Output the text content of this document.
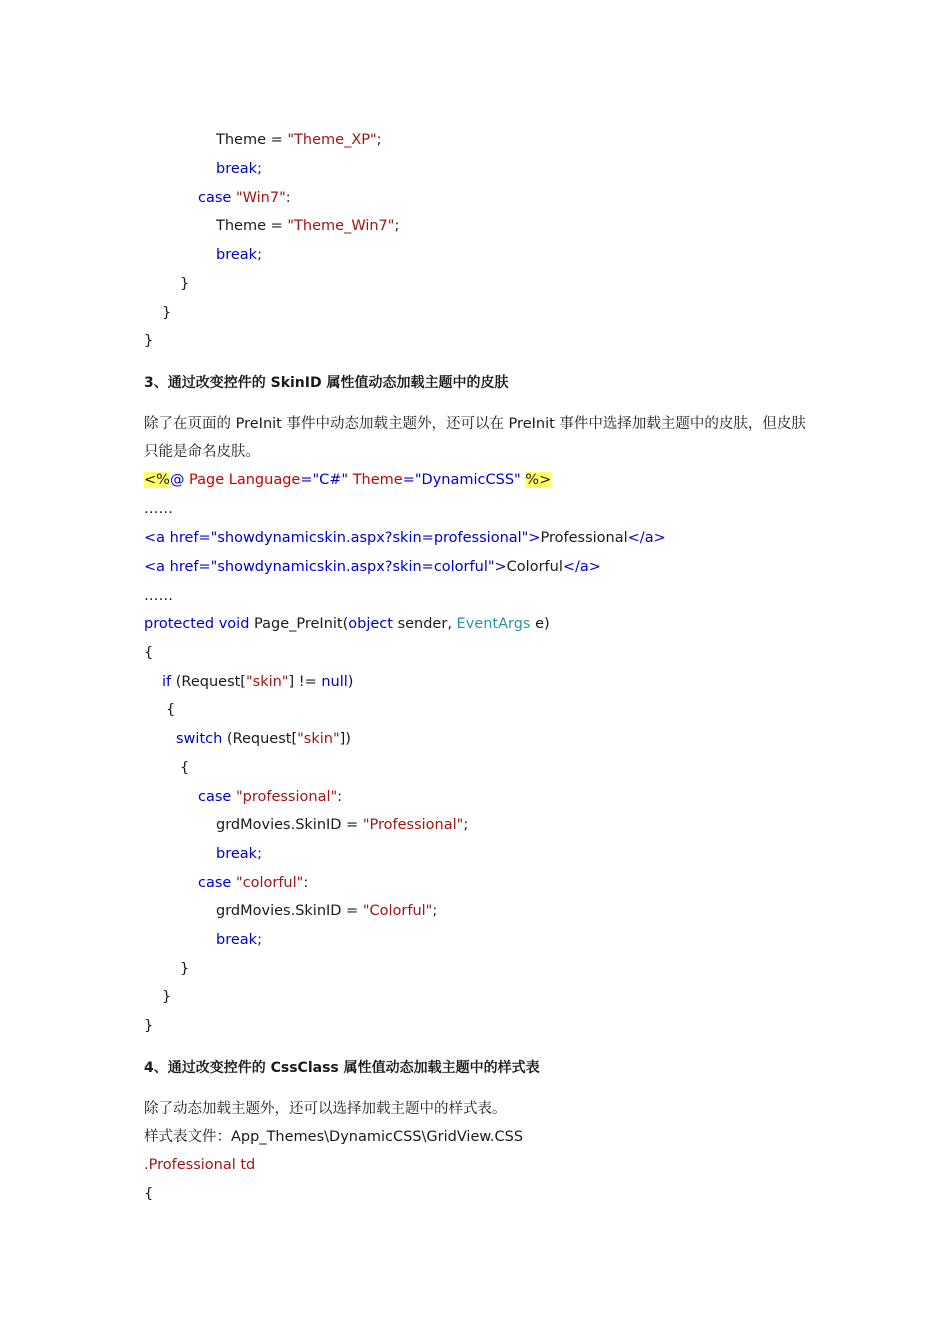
Theme = "Theme_XP";
break;
case "Win7":
Theme = "Theme_Win7";
break;
}
}
}
3、通过改变控件的 SkinID 属性值动态加载主题中的皮肤
除了在页面的 PreInit 事件中动态加载主题外，还可以在 PreInit 事件中选择加载主题中的皮肤，但皮肤
只能是命名皮肤。
<%@ Page Language="C#" Theme="DynamicCSS" %>
……
<a href="showdynamicskin.aspx?skin=professional">Professional</a>
<a href="showdynamicskin.aspx?skin=colorful">Colorful</a>
……
protected void Page_PreInit(object sender, EventArgs e)
{
if (Request["skin"] != null)
{
switch (Request["skin"])
{
case "professional":
grdMovies.SkinID = "Professional";
break;
case "colorful":
grdMovies.SkinID = "Colorful";
break;
}
}
}
4、通过改变控件的 CssClass 属性值动态加载主题中的样式表
除了动态加载主题外，还可以选择加载主题中的样式表。
样式表文件：App_Themes\DynamicCSS\GridView.CSS
.Professional td
{
